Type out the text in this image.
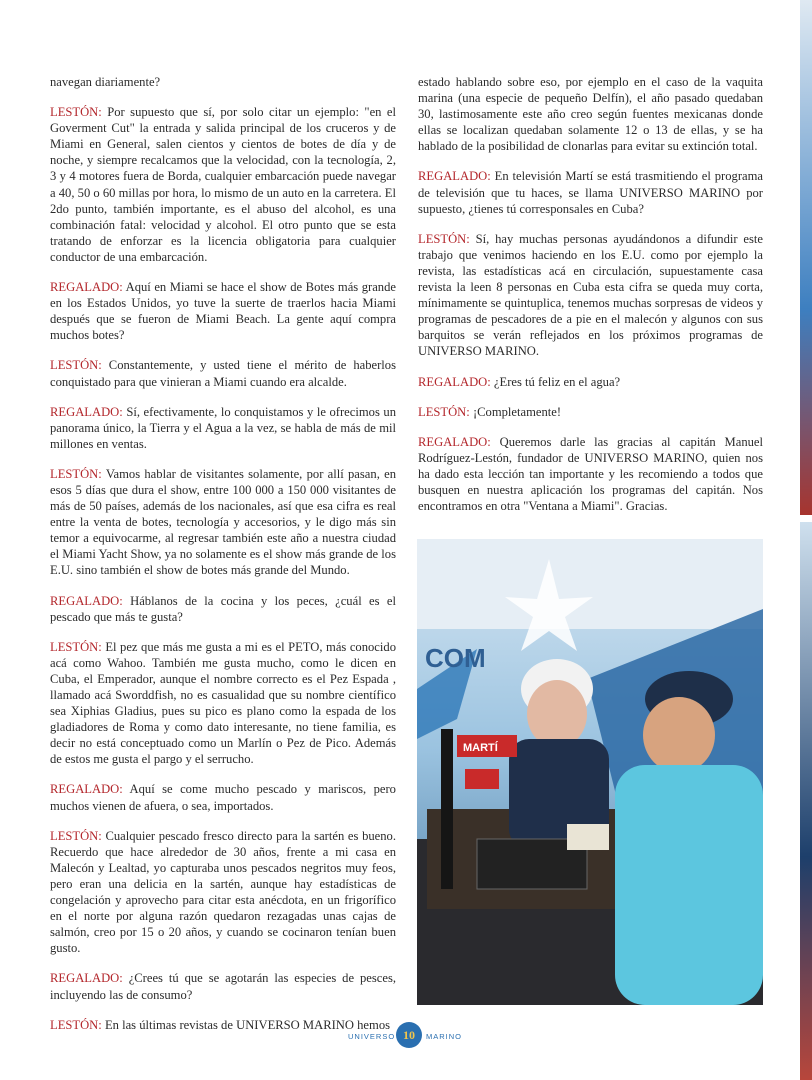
navegan diariamente?

LESTÓN: Por supuesto que sí, por solo citar un ejemplo: "en el Goverment Cut" la entrada y salida principal de los cruceros y de Miami en General, salen cientos y cientos de botes de día y de noche, y siempre recalcamos que la velocidad, con la tecnología, 2, 3 y 4 motores fuera de Borda, cualquier embarcación puede navegar a 40, 50 o 60 millas por hora, lo mismo de un auto en la carretera. El 2do punto, también importante, es el abuso del alcohol, es una combinación fatal: velocidad y alcohol. El otro punto que se esta tratando de enforzar es la licencia obligatoria para cualquier conductor de una embarcación.

REGALADO: Aquí en Miami se hace el show de Botes más grande en los Estados Unidos, yo tuve la suerte de traerlos hacia Miami después que se fueron de Miami Beach. La gente aquí compra muchos botes?

LESTÓN: Constantemente, y usted tiene el mérito de haberlos conquistado para que vinieran a Miami cuando era alcalde.

REGALADO: Sí, efectivamente, lo conquistamos y le ofrecimos un panorama único, la Tierra y el Agua a la vez, se habla de más de mil millones en ventas.

LESTÓN: Vamos hablar de visitantes solamente, por allí pasan, en esos 5 días que dura el show, entre 100 000 a 150 000 visitantes de más de 50 países, además de los nacionales, así que esa cifra es real entre la venta de botes, tecnología y accesorios, y le digo más sin temor a equivocarme, al regresar también este año a nuestra ciudad el Miami Yacht Show, ya no solamente es el show más grande de los E.U. sino también el show de botes más grande del Mundo.

REGALADO: Háblanos de la cocina y los peces, ¿cuál es el pescado que más te gusta?

LESTÓN: El pez que más me gusta a mi es el PETO, más conocido acá como Wahoo. También me gusta mucho, como le dicen en Cuba, el Emperador, aunque el nombre correcto es el Pez Espada , llamado acá Sworddfish, no es casualidad que su nombre científico sea Xiphias Gladius, pues su pico es plano como la espada de los gladiadores de Roma y como dato interesante, no tiene familia, es decir no está conceptuado como un Marlín o Pez de Pico. Además de estos me gusta el pargo y el serrucho.

REGALADO: Aquí se come mucho pescado y mariscos, pero muchos vienen de afuera, o sea, importados.

LESTÓN: Cualquier pescado fresco directo para la sartén es bueno. Recuerdo que hace alrededor de 30 años, frente a mi casa en Malecón y Lealtad, yo capturaba unos pescados negritos muy feos, pero eran una delicia en la sartén, aunque hay estadísticas de congelación y aprovecho para citar esta anécdota, en un frigorífico en el norte por alguna razón quedaron rezagadas unas cajas de salmón, creo por 15 o 20 años, y cuando se cocinaron tenían buen gusto.

REGALADO: ¿Crees tú que se agotarán las especies de pesces, incluyendo las de consumo?

LESTÓN: En las últimas revistas de UNIVERSO MARINO hemos

estado hablando sobre eso, por ejemplo en el caso de la vaquita marina (una especie de pequeño Delfín), el año pasado quedaban 30, lastimosamente este año creo según fuentes mexicanas donde ellas se localizan quedaban solamente 12 o 13 de ellas, y se ha hablado de la posibilidad de clonarlas para evitar su extinción total.

REGALADO: En televisión Martí se está trasmitiendo el programa de televisión que tu haces, se llama UNIVERSO MARINO por supuesto, ¿tienes tú corresponsales en Cuba?

LESTÓN: Sí, hay muchas personas ayudándonos a difundir este trabajo que venimos haciendo en los E.U. como por ejemplo la revista, las estadísticas acá en circulación, supuestamente casa revista la leen 8 personas en Cuba esta cifra se queda muy corta, mínimamente se quintuplica, tenemos muchas sorpresas de videos y programas de pescadores de a pie en el malecón y algunos con sus barquitos se verán reflejados en los próximos programas de UNIVERSO MARINO.

REGALADO: ¿Eres tú feliz en el agua?

LESTÓN: ¡Completamente!

REGALADO: Queremos darle las gracias al capitán Manuel Rodríguez-Lestón, fundador de UNIVERSO MARINO, quien nos ha dado esta lección tan importante y les recomiendo a todos que busquen en nuestra aplicación los programas del capitán. Nos encontramos en otra "Ventana a Miami". Gracias.

COM
MARTÍ
UNIVERSO 10	MARINO
